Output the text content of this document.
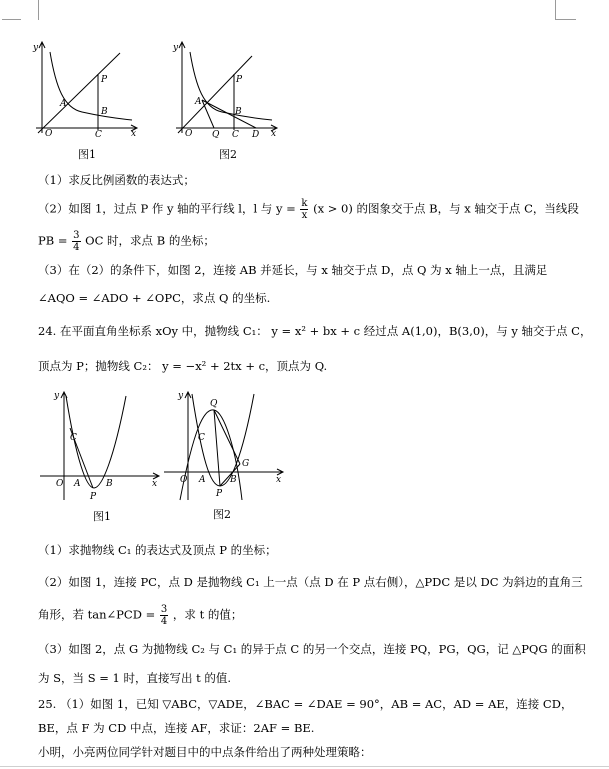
y
x
O
A
B
P
C
图1
y
x
O
A
B
P
Q C D
图2
（1）求反比例函数的表达式；
（2）如图 1，过点 P 作 y 轴的平行线 l，l 与 $y = \frac{k}{x} (x > 0)$ 的图象交于点 B，与 x 轴交于点 C，当线段
PB = $\frac{3}{4}$ OC 时，求点 B 的坐标；
（3）在（2）的条件下，如图 2，连接 AB 并延长，与 x 轴交于点 D，点 Q 为 x 轴上一点，且满足
∠AQO = ∠ADO + ∠OPC，求点 Q 的坐标.
24. 在平面直角坐标系 xOy 中，抛物线 C₁： y = x² + bx + c 经过点 A(1,0)，B(3,0)，与 y 轴交于点 C，
顶点为 P；抛物线 C₂： y = −x² + 2tx + c，顶点为 Q.
y
x
C
O A	B
P
图1
y
x
Q
C
O A	B
P
G
图2
（1）求抛物线 C₁ 的表达式及顶点 P 的坐标；
（2）如图 1，连接 PC，点 D 是抛物线 C₁ 上一点（点 D 在 P 点右侧），△PDC 是以 DC 为斜边的直角三
角形，若 tan∠PCD = $\frac{3}{4}$ ，求 t 的值；
（3）如图 2，点 G 为抛物线 C₂ 与 C₁ 的异于点 C 的另一个交点，连接 PQ，PG，QG，记 △PQG 的面积
为 S，当 S = 1 时，直接写出 t 的值.
25. （1）如图 1，已知 ▽ABC，▽ADE，∠BAC = ∠DAE = 90°，AB = AC，AD = AE，连接 CD，
BE，点 F 为 CD 中点，连接 AF，求证：2AF = BE.
小明，小亮两位同学针对题目中的中点条件给出了两种处理策略：
